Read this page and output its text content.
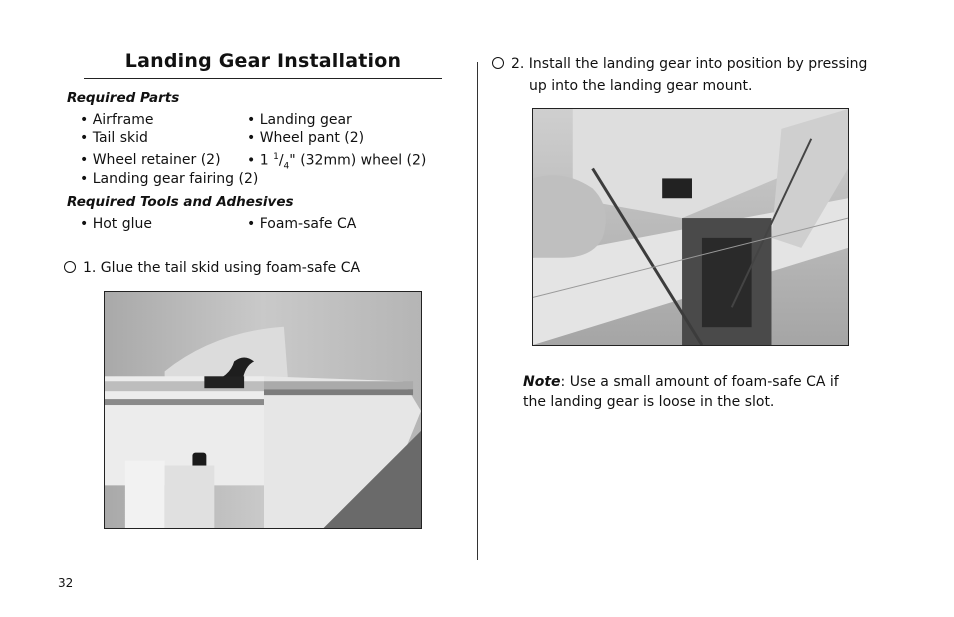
Landing Gear Installation
Required Parts
• Airframe	• Landing gear
• Tail skid	• Wheel pant (2)
• Wheel retainer (2) • 1 $^1/_4$" (32mm) wheel (2)
• Landing gear fairing (2)
Required Tools and Adhesives
• Hot glue	• Foam-safe CA
1. Glue the tail skid using foam-safe CA
2. Install the landing gear into position by pressing
up into the landing gear mount.
Note: Use a small amount of foam-safe CA if the landing gear is loose in the slot.
32
